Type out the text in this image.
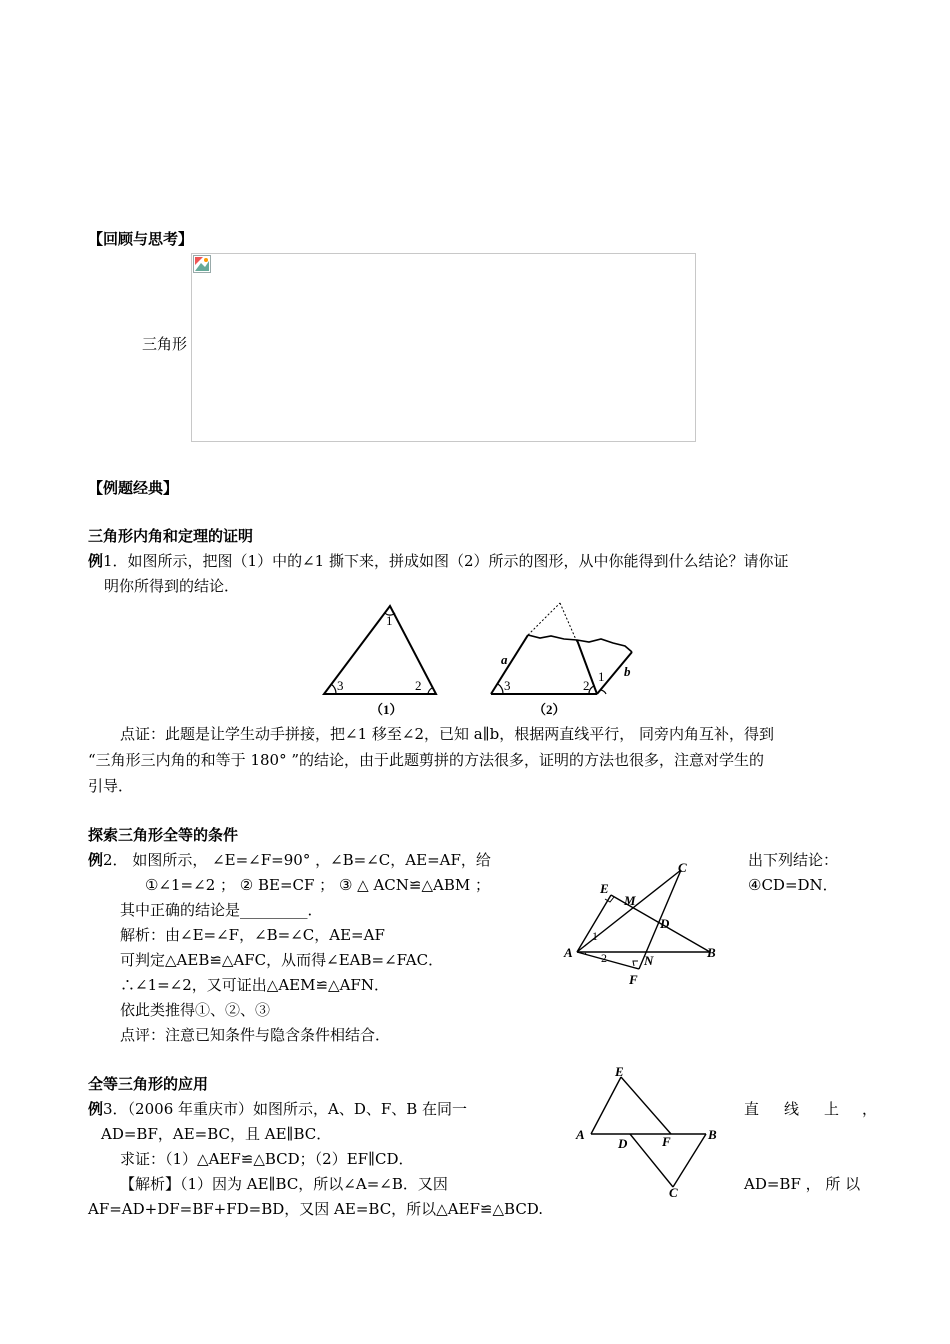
【回顾与思考】
三角形
【例题经典】
三角形内角和定理的证明
例1．如图所示，把图（1）中的∠1 撕下来，拼成如图（2）所示的图形，从中你能得到什么结论？请你证
明你所得到的结论．
1
3	2
（1）
a
b
3	2
1
（2）
点证：此题是让学生动手拼接，把∠1 移至∠2，已知 a∥b，根据两直线平行， 同旁内角互补，得到
“三角形三内角的和等于 180° ”的结论，由于此题剪拼的方法很多，证明的方法也很多，注意对学生的
引导．
探索三角形全等的条件
例2． 如图所示， ∠E=∠F=90° ，∠B=∠C，AE=AF，给	出下列结论：
①∠1=∠2 ； ② BE=CF ； ③ △ ACN≌△ABM ；	④CD=DN．
其中正确的结论是_________．
解析：由∠E=∠F，∠B=∠C，AE=AF
可判定△AEB≌△AFC，从而得∠EAB=∠FAC．
∴∠1=∠2，又可证出△AEM≌△AFN．
依此类推得①、②、③
点评：注意已知条件与隐含条件相结合．
C
E
M
D
A	B
N
F
1
2
全等三角形的应用
例3．（2006 年重庆市）如图所示，A、D、F、B 在同一	直 线 上 ，
AD=BF，AE=BC，且 AE∥BC．
求证：（1）△AEF≌△BCD；（2）EF∥CD．
【解析】（1）因为 AE∥BC，所以∠A=∠B．又因	AD=BF ， 所 以
AF=AD+DF=BF+FD=BD，又因 AE=BC，所以△AEF≌△BCD.
E
A
D	F	B
C
